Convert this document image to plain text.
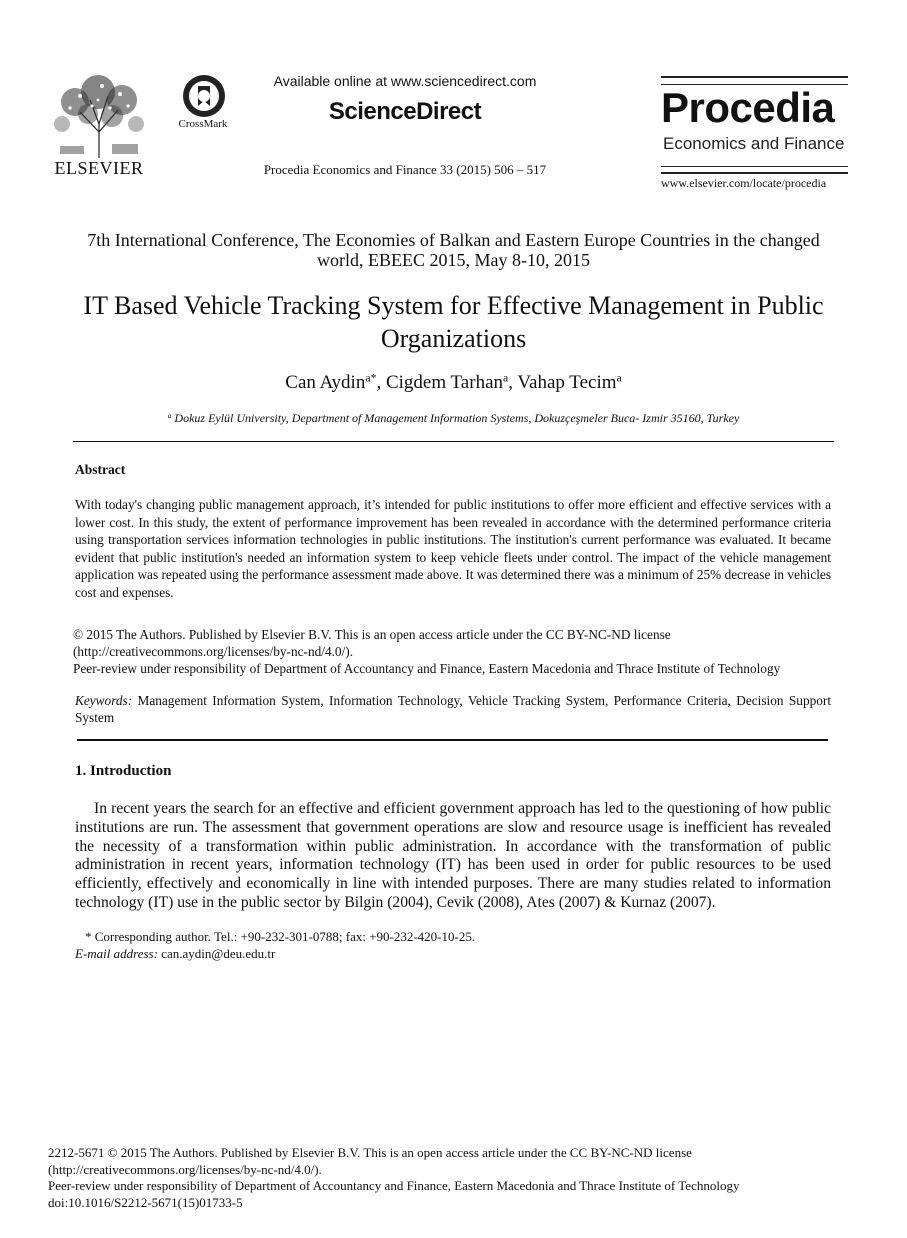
ELSEVIER
CrossMark
Available online at www.sciencedirect.com
ScienceDirect
Procedia Economics and Finance 33 (2015) 506 – 517
Procedia
Economics and Finance
www.elsevier.com/locate/procedia
7th International Conference, The Economies of Balkan and Eastern Europe Countries in the changed world, EBEEC 2015, May 8-10, 2015
IT Based Vehicle Tracking System for Effective Management in Public Organizations
Can Aydin$^{a*}$, Cigdem Tarhan$^a$, Vahap Tecim$^a$
$^a$ Dokuz Eylül University, Department of Management Information Systems, Dokuzçeşmeler Buca- Izmir 35160, Turkey
Abstract
With today's changing public management approach, it’s intended for public institutions to offer more efficient and effective services with a lower cost. In this study, the extent of performance improvement has been revealed in accordance with the determined performance criteria using transportation services information technologies in public institutions. The institution's current performance was evaluated. It became evident that public institution's needed an information system to keep vehicle fleets under control. The impact of the vehicle management application was repeated using the performance assessment made above. It was determined there was a minimum of 25% decrease in vehicles cost and expenses.
© 2015 The Authors. Published by Elsevier B.V. This is an open access article under the CC BY-NC-ND license
(http://creativecommons.org/licenses/by-nc-nd/4.0/).
Peer-review under responsibility of Department of Accountancy and Finance, Eastern Macedonia and Thrace Institute of Technology
Keywords: Management Information System, Information Technology, Vehicle Tracking System, Performance Criteria, Decision Support System
1. Introduction
In recent years the search for an effective and efficient government approach has led to the questioning of how public institutions are run. The assessment that government operations are slow and resource usage is inefficient has revealed the necessity of a transformation within public administration. In accordance with the transformation of public administration in recent years, information technology (IT) has been used in order for public resources to be used efficiently, effectively and economically in line with intended purposes. There are many studies related to information technology (IT) use in the public sector by Bilgin (2004), Cevik (2008), Ates (2007) & Kurnaz (2007).
* Corresponding author. Tel.: +90-232-301-0788; fax: +90-232-420-10-25.
E-mail address: can.aydin@deu.edu.tr
2212-5671 © 2015 The Authors. Published by Elsevier B.V. This is an open access article under the CC BY-NC-ND license
(http://creativecommons.org/licenses/by-nc-nd/4.0/).
Peer-review under responsibility of Department of Accountancy and Finance, Eastern Macedonia and Thrace Institute of Technology
doi:10.1016/S2212-5671(15)01733-5
